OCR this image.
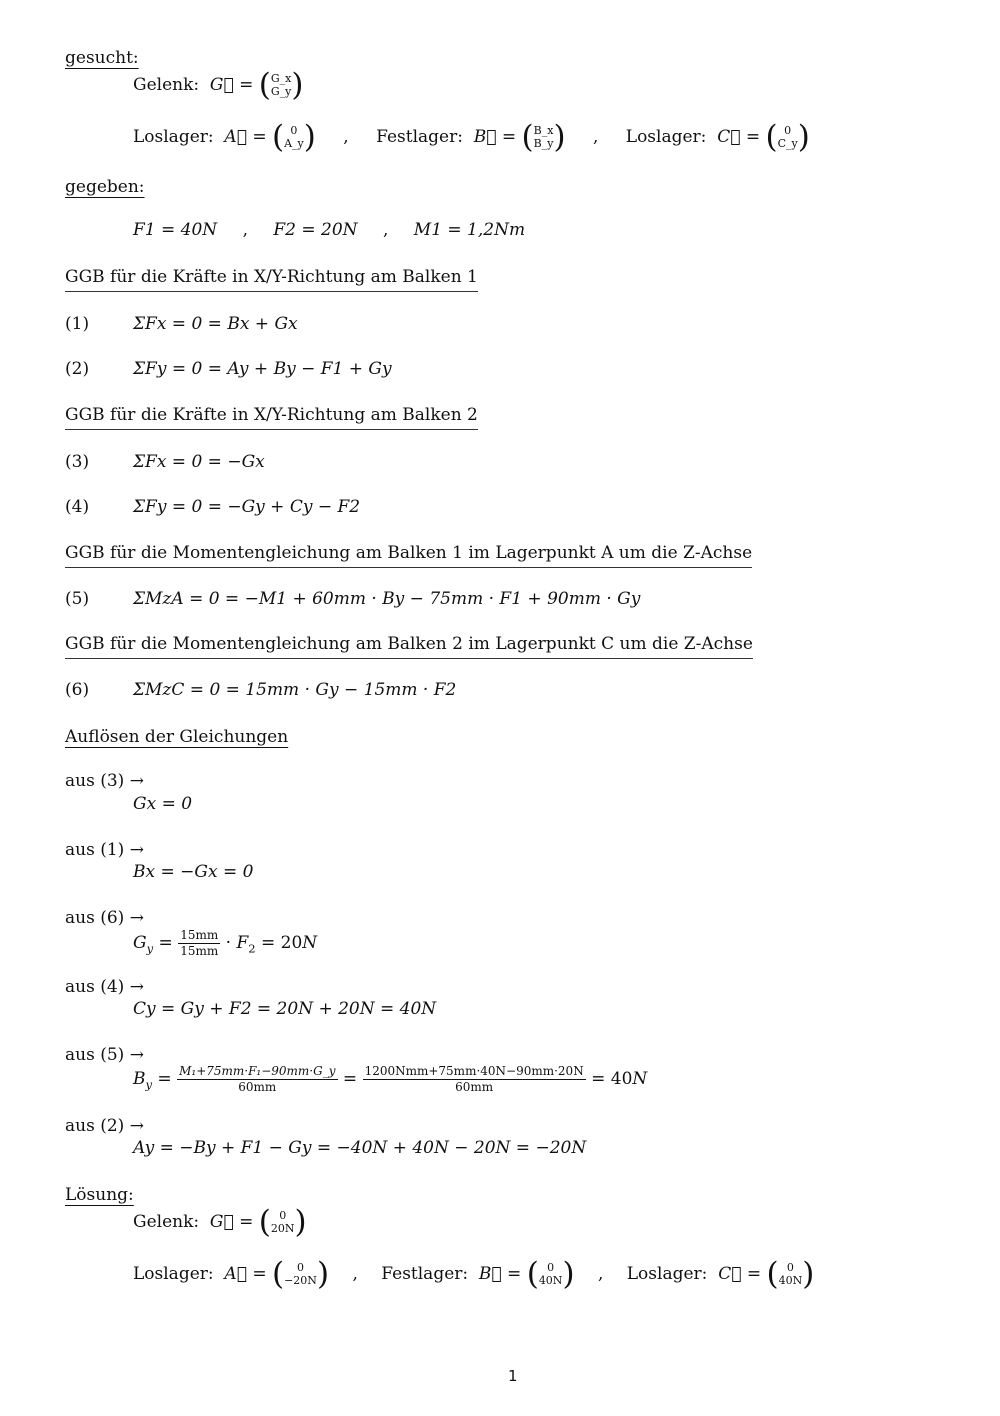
gesucht:
Gelenk:  G⃗ = (G_x
G_y)
Loslager:  A⃗ = ( 0
A_y) , Festlager:  B⃗ = (B_x
B_y) , Loslager:  C⃗ = ( 0
C_y)
gegeben:
F1 = 40N , F2 = 20N , M1 = 1,2Nm
GGB für die Kräfte in X/Y-Richtung am Balken 1
(1)	ΣFx = 0 = Bx + Gx
(2)	ΣFy = 0 = Ay + By − F1 + Gy
GGB für die Kräfte in X/Y-Richtung am Balken 2
(3)	ΣFx = 0 = −Gx
(4)	ΣFy = 0 = −Gy + Cy − F2
GGB für die Momentengleichung am Balken 1 im Lagerpunkt A um die Z-Achse
(5)	ΣMzA = 0 = −M1 + 60mm · By − 75mm · F1 + 90mm · Gy
GGB für die Momentengleichung am Balken 2 im Lagerpunkt C um die Z-Achse
(6)	ΣMzC = 0 = 15mm · Gy − 15mm · F2
Auflösen der Gleichungen
aus (3) →
Gx = 0
aus (1) →
Bx = −Gx = 0
aus (6) →
$G_y = \frac{15mm}{15mm} \cdot F_2 = 20N$
aus (4) →
Cy = Gy + F2 = 20N + 20N = 40N
aus (5) →
$B_y = \frac{\text{M₁+75mm·F₁−90mm·G\_y}}{60mm} = \frac{\text{1200Nmm+75mm·40N−90mm·20N}}{60mm} = 40N$
aus (2) →
Ay = −By + F1 − Gy = −40N + 40N − 20N = −20N
Lösung:
Gelenk:  G⃗ = ( 0
20N)
Loslager:  A⃗ = ( 0
−20N) , Festlager:  B⃗ = ( 0
40N) , Loslager:  C⃗ = ( 0
40N)
1
